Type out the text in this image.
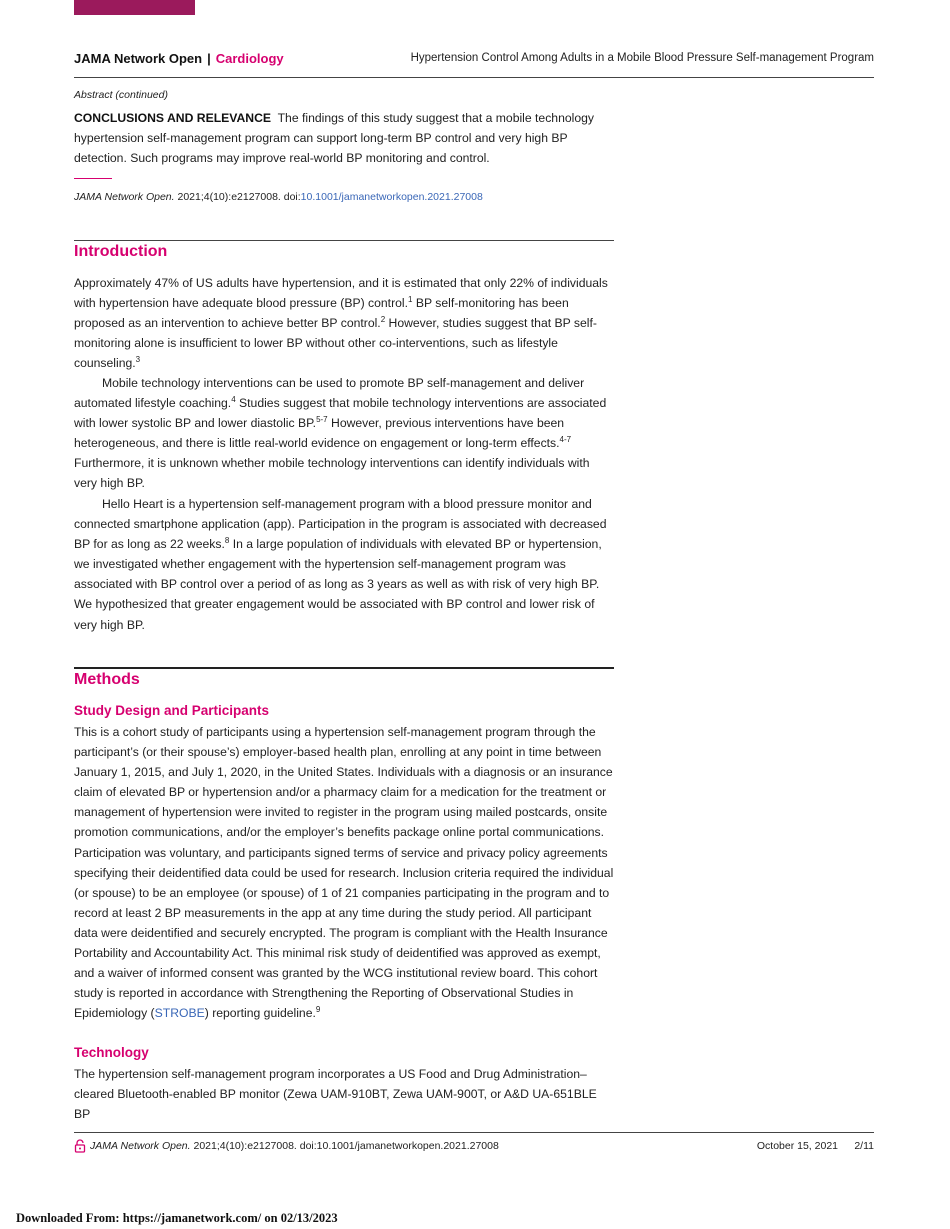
JAMA Network Open | Cardiology	Hypertension Control Among Adults in a Mobile Blood Pressure Self-management Program
Abstract (continued)
CONCLUSIONS AND RELEVANCE The findings of this study suggest that a mobile technology hypertension self-management program can support long-term BP control and very high BP detection. Such programs may improve real-world BP monitoring and control.
JAMA Network Open. 2021;4(10):e2127008. doi:10.1001/jamanetworkopen.2021.27008
Introduction
Approximately 47% of US adults have hypertension, and it is estimated that only 22% of individuals with hypertension have adequate blood pressure (BP) control.$^1$ BP self-monitoring has been proposed as an intervention to achieve better BP control.$^2$ However, studies suggest that BP self-monitoring alone is insufficient to lower BP without other co-interventions, such as lifestyle counseling.$^3$
Mobile technology interventions can be used to promote BP self-management and deliver automated lifestyle coaching.$^4$ Studies suggest that mobile technology interventions are associated with lower systolic BP and lower diastolic BP.$^{5-7}$ However, previous interventions have been heterogeneous, and there is little real-world evidence on engagement or long-term effects.$^{4-7}$ Furthermore, it is unknown whether mobile technology interventions can identify individuals with very high BP.
Hello Heart is a hypertension self-management program with a blood pressure monitor and connected smartphone application (app). Participation in the program is associated with decreased BP for as long as 22 weeks.$^8$ In a large population of individuals with elevated BP or hypertension, we investigated whether engagement with the hypertension self-management program was associated with BP control over a period of as long as 3 years as well as with risk of very high BP. We hypothesized that greater engagement would be associated with BP control and lower risk of very high BP.
Methods
Study Design and Participants
This is a cohort study of participants using a hypertension self-management program through the participant’s (or their spouse’s) employer-based health plan, enrolling at any point in time between January 1, 2015, and July 1, 2020, in the United States. Individuals with a diagnosis or an insurance claim of elevated BP or hypertension and/or a pharmacy claim for a medication for the treatment or management of hypertension were invited to register in the program using mailed postcards, onsite promotion communications, and/or the employer’s benefits package online portal communications. Participation was voluntary, and participants signed terms of service and privacy policy agreements specifying their deidentified data could be used for research. Inclusion criteria required the individual (or spouse) to be an employee (or spouse) of 1 of 21 companies participating in the program and to record at least 2 BP measurements in the app at any time during the study period. All participant data were deidentified and securely encrypted. The program is compliant with the Health Insurance Portability and Accountability Act. This minimal risk study of deidentified was approved as exempt, and a waiver of informed consent was granted by the WCG institutional review board. This cohort study is reported in accordance with Strengthening the Reporting of Observational Studies in Epidemiology (STROBE) reporting guideline.$^9$
Technology
The hypertension self-management program incorporates a US Food and Drug Administration–cleared Bluetooth-enabled BP monitor (Zewa UAM-910BT, Zewa UAM-900T, or A&D UA-651BLE BP
JAMA Network Open. 2021;4(10):e2127008. doi:10.1001/jamanetworkopen.2021.27008	October 15, 2021 2/11
Downloaded From: https://jamanetwork.com/ on 02/13/2023
